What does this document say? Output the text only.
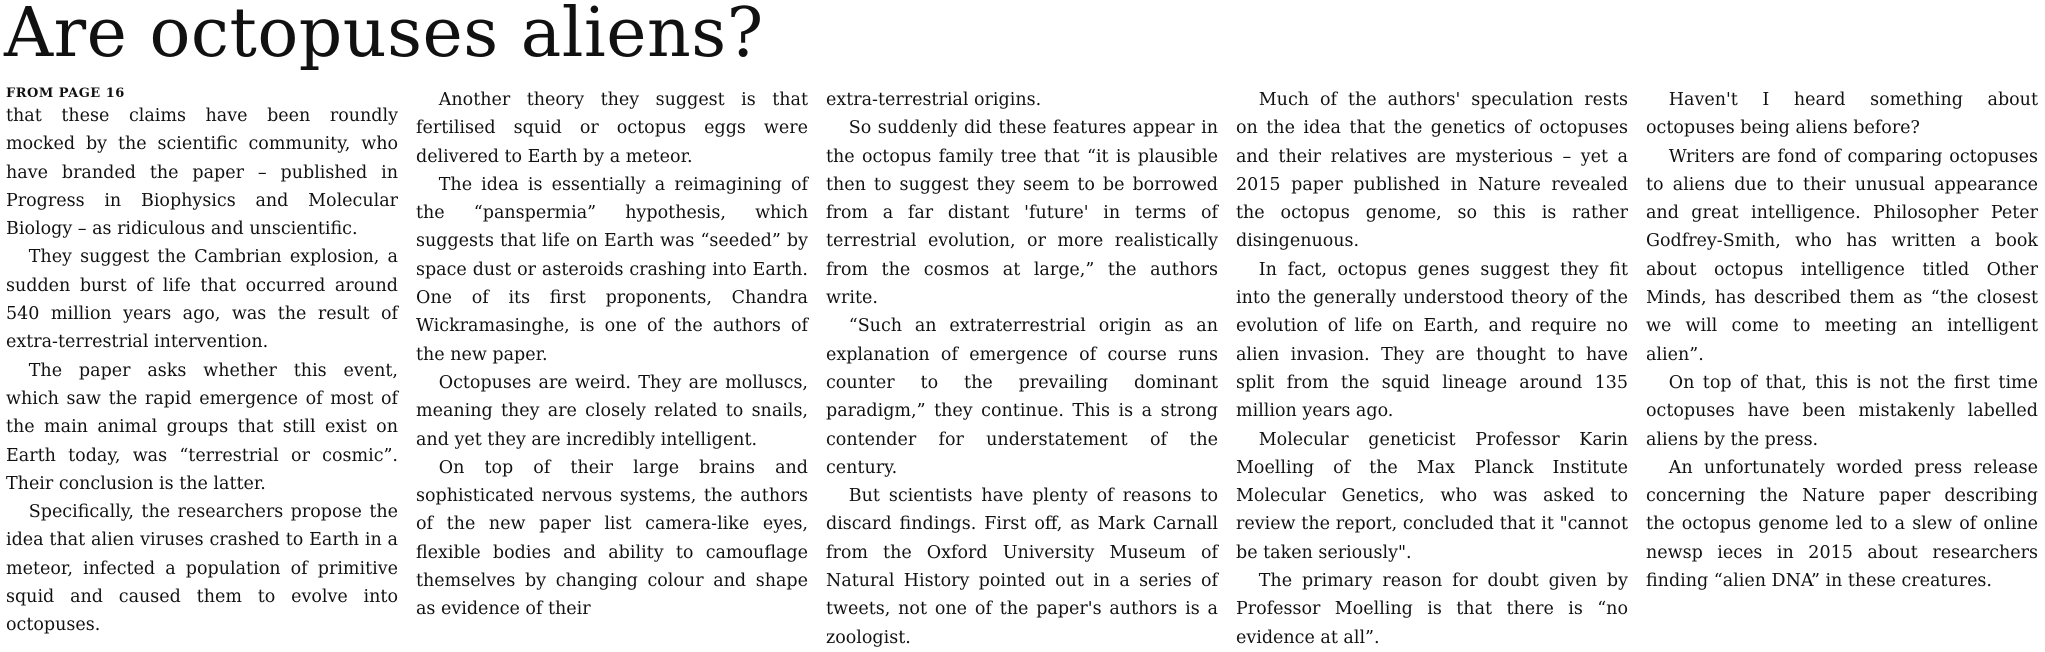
Are octopuses aliens?
FROM PAGE 16

that these claims have been roundly mocked by the scientific community, who have branded the paper – published in Progress in Biophysics and Molecular Biology – as ridiculous and unscientific.

They suggest the Cambrian explosion, a sudden burst of life that occurred around 540 million years ago, was the result of extra-terrestrial intervention.

The paper asks whether this event, which saw the rapid emergence of most of the main animal groups that still exist on Earth today, was “terrestrial or cosmic”. Their conclusion is the latter.

Specifically, the researchers propose the idea that alien viruses crashed to Earth in a meteor, infected a population of primitive squid and caused them to evolve into octopuses.

Another theory they suggest is that fertilised squid or octopus eggs were delivered to Earth by a meteor.

The idea is essentially a reimagining of the “panspermia” hypothesis, which suggests that life on Earth was “seeded” by space dust or asteroids crashing into Earth. One of its first proponents, Chandra Wickramasinghe, is one of the authors of the new paper.

Octopuses are weird. They are molluscs, meaning they are closely related to snails, and yet they are incredibly intelligent.

On top of their large brains and sophisticated nervous systems, the authors of the new paper list camera-like eyes, flexible bodies and ability to camouflage themselves by changing colour and shape as evidence of their

extra-terrestrial origins.

So suddenly did these features appear in the octopus family tree that “it is plausible then to suggest they seem to be borrowed from a far distant 'future' in terms of terrestrial evolution, or more realistically from the cosmos at large,” the authors write.

“Such an extraterrestrial origin as an explanation of emergence of course runs counter to the prevailing dominant paradigm,” they continue. This is a strong contender for understatement of the century.

But scientists have plenty of reasons to discard findings. First off, as Mark Carnall from the Oxford University Museum of Natural History pointed out in a series of tweets, not one of the paper's authors is a zoologist.

Much of the authors' speculation rests on the idea that the genetics of octopuses and their relatives are mysterious – yet a 2015 paper published in Nature revealed the octopus genome, so this is rather disingenuous.

In fact, octopus genes suggest they fit into the generally understood theory of the evolution of life on Earth, and require no alien invasion. They are thought to have split from the squid lineage around 135 million years ago.

Molecular geneticist Professor Karin Moelling of the Max Planck Institute Molecular Genetics, who was asked to review the report, concluded that it "cannot be taken seriously".

The primary reason for doubt given by Professor Moelling is that there is “no evidence at all”.

Haven't I heard something about octopuses being aliens before?

Writers are fond of comparing octopuses to aliens due to their unusual appearance and great intelligence. Philosopher Peter Godfrey-Smith, who has written a book about octopus intelligence titled Other Minds, has described them as “the closest we will come to meeting an intelligent alien”.

On top of that, this is not the first time octopuses have been mistakenly labelled aliens by the press.

An unfortunately worded press release concerning the Nature paper describing the octopus genome led to a slew of online newsp ieces in 2015 about researchers finding “alien DNA” in these creatures.
